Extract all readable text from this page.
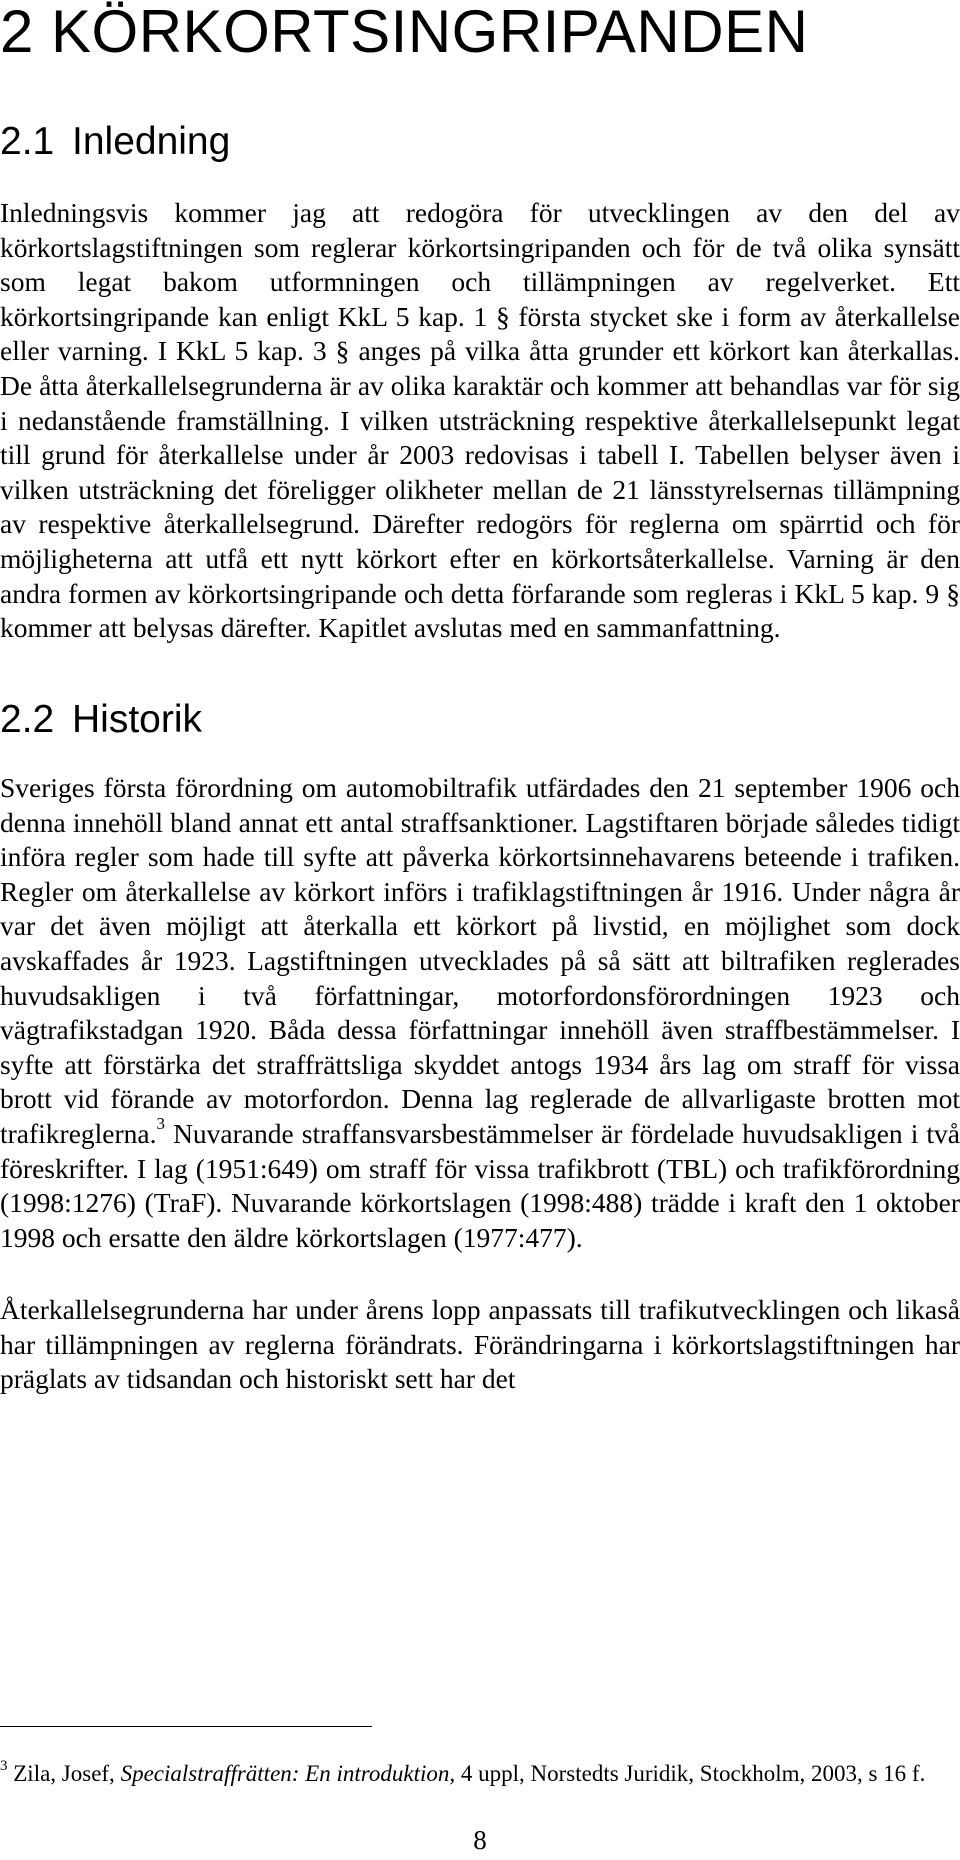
2 KÖRKORTSINGRIPANDEN
2.1 Inledning

Inledningsvis kommer jag att redogöra för utvecklingen av den del av körkortslagstiftningen som reglerar körkortsingripanden och för de två olika synsätt som legat bakom utformningen och tillämpningen av regelverket. Ett körkortsingripande kan enligt KkL 5 kap. 1 § första stycket ske i form av återkallelse eller varning. I KkL 5 kap. 3 § anges på vilka åtta grunder ett körkort kan återkallas. De åtta återkallelsegrunderna är av olika karaktär och kommer att behandlas var för sig i nedanstående framställning. I vilken utsträckning respektive återkallelsepunkt legat till grund för återkallelse under år 2003 redovisas i tabell I. Tabellen belyser även i vilken utsträckning det föreligger olikheter mellan de 21 länsstyrelsernas tillämpning av respektive återkallelsegrund. Därefter redogörs för reglerna om spärrtid och för möjligheterna att utfå ett nytt körkort efter en körkortsåterkallelse. Varning är den andra formen av körkortsingripande och detta förfarande som regleras i KkL 5 kap. 9 § kommer att belysas därefter. Kapitlet avslutas med en sammanfattning.

2.2 Historik

Sveriges första förordning om automobiltrafik utfärdades den 21 september 1906 och denna innehöll bland annat ett antal straffsanktioner. Lagstiftaren började således tidigt införa regler som hade till syfte att påverka körkortsinnehavarens beteende i trafiken. Regler om återkallelse av körkort införs i trafiklagstiftningen år 1916. Under några år var det även möjligt att återkalla ett körkort på livstid, en möjlighet som dock avskaffades år 1923. Lagstiftningen utvecklades på så sätt att biltrafiken reglerades huvudsakligen i två författningar, motorfordonsförordningen 1923 och vägtrafikstadgan 1920. Båda dessa författningar innehöll även straffbestämmelser. I syfte att förstärka det straffrättsliga skyddet antogs 1934 års lag om straff för vissa brott vid förande av motorfordon. Denna lag reglerade de allvarligaste brotten mot trafikreglerna.$^3$ Nuvarande straffansvarsbestämmelser är fördelade huvudsakligen i två föreskrifter. I lag (1951:649) om straff för vissa trafikbrott (TBL) och trafikförordning (1998:1276) (TraF). Nuvarande körkortslagen (1998:488) trädde i kraft den 1 oktober 1998 och ersatte den äldre körkortslagen (1977:477).

Återkallelsegrunderna har under årens lopp anpassats till trafikutvecklingen och likaså har tillämpningen av reglerna förändrats. Förändringarna i körkortslagstiftningen har präglats av tidsandan och historiskt sett har det

$^3$ Zila, Josef, Specialstraffrätten: En introduktion, 4 uppl, Norstedts Juridik, Stockholm, 2003, s 16 f.

8
